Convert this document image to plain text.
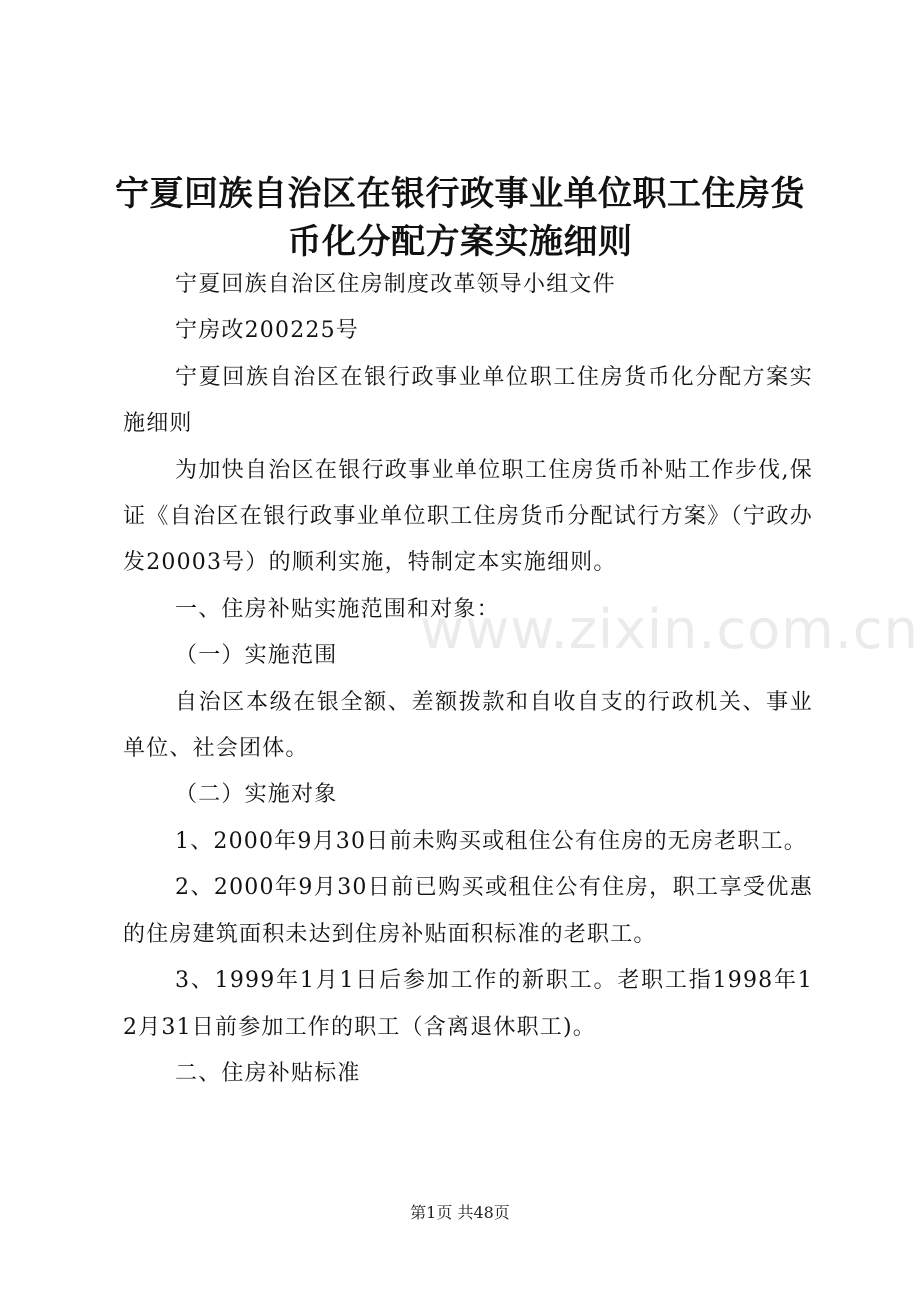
宁夏回族自治区在银行政事业单位职工住房货
币化分配方案实施细则

宁夏回族自治区住房制度改革领导小组文件

宁房改200225号

宁夏回族自治区在银行政事业单位职工住房货币化分配方案实施细则

为加快自治区在银行政事业单位职工住房货币补贴工作步伐,保证《自治区在银行政事业单位职工住房货币分配试行方案》（宁政办发20003号）的顺利实施，特制定本实施细则。

一、住房补贴实施范围和对象：

（一）实施范围

自治区本级在银全额、差额拨款和自收自支的行政机关、事业单位、社会团体。

（二）实施对象

1、2000年9月30日前未购买或租住公有住房的无房老职工。

2、2000年9月30日前已购买或租住公有住房，职工享受优惠的住房建筑面积未达到住房补贴面积标准的老职工。

3、1999年1月1日后参加工作的新职工。老职工指1998年12月31日前参加工作的职工（含离退休职工)。

二、住房补贴标准

www.zixin.com.cn
第1页 共48页
